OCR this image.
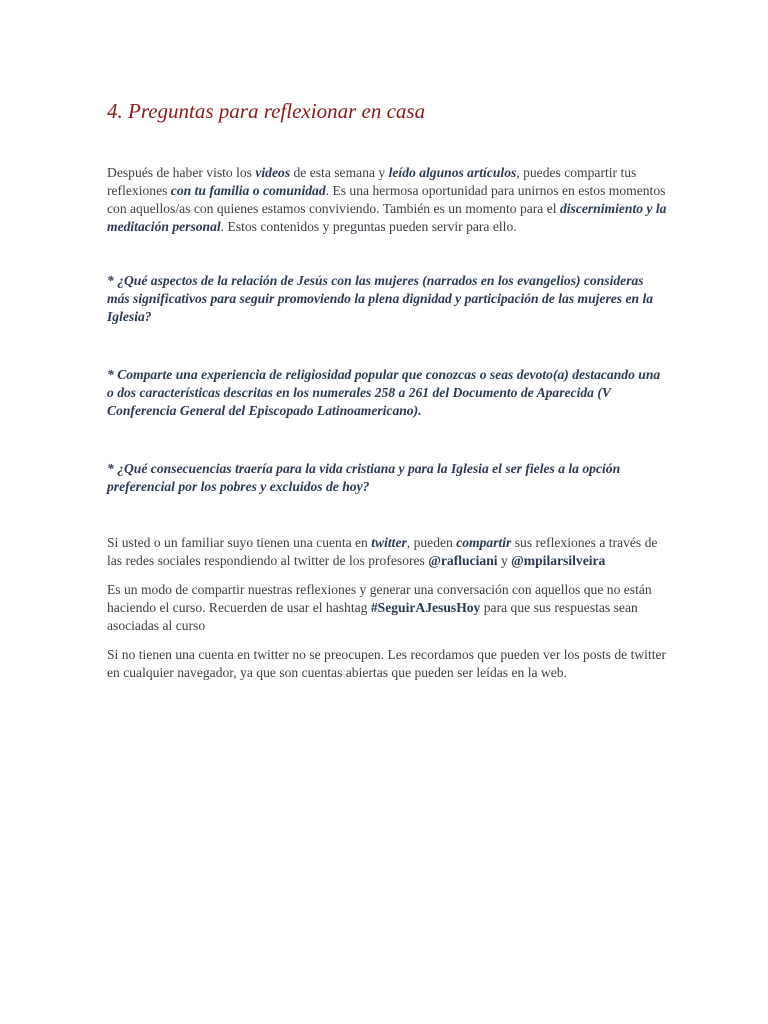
4. Preguntas para reflexionar en casa

Después de haber visto los videos de esta semana y leído algunos artículos, puedes compartir tus reflexiones con tu familia o comunidad. Es una hermosa oportunidad para unirnos en estos momentos con aquellos/as con quienes estamos conviviendo. También es un momento para el discernimiento y la meditación personal. Estos contenidos y preguntas pueden servir para ello.

* ¿Qué aspectos de la relación de Jesús con las mujeres (narrados en los evangelios) consideras más significativos para seguir promoviendo la plena dignidad y participación de las mujeres en la Iglesia?

* Comparte una experiencia de religiosidad popular que conozcas o seas devoto(a) destacando una o dos características descritas en los numerales 258 a 261 del Documento de Aparecida (V Conferencia General del Episcopado Latinoamericano).

* ¿Qué consecuencias traería para la vida cristiana y para la Iglesia el ser fieles a la opción preferencial por los pobres y excluidos de hoy?

Si usted o un familiar suyo tienen una cuenta en twitter, pueden compartir sus reflexiones a través de las redes sociales respondiendo al twitter de los profesores @rafluciani y @mpilarsilveira

Es un modo de compartir nuestras reflexiones y generar una conversación con aquellos que no están haciendo el curso. Recuerden de usar el hashtag #SeguirAJesusHoy para que sus respuestas sean asociadas al curso

Si no tienen una cuenta en twitter no se preocupen. Les recordamos que pueden ver los posts de twitter en cualquier navegador, ya que son cuentas abiertas que pueden ser leídas en la web.
